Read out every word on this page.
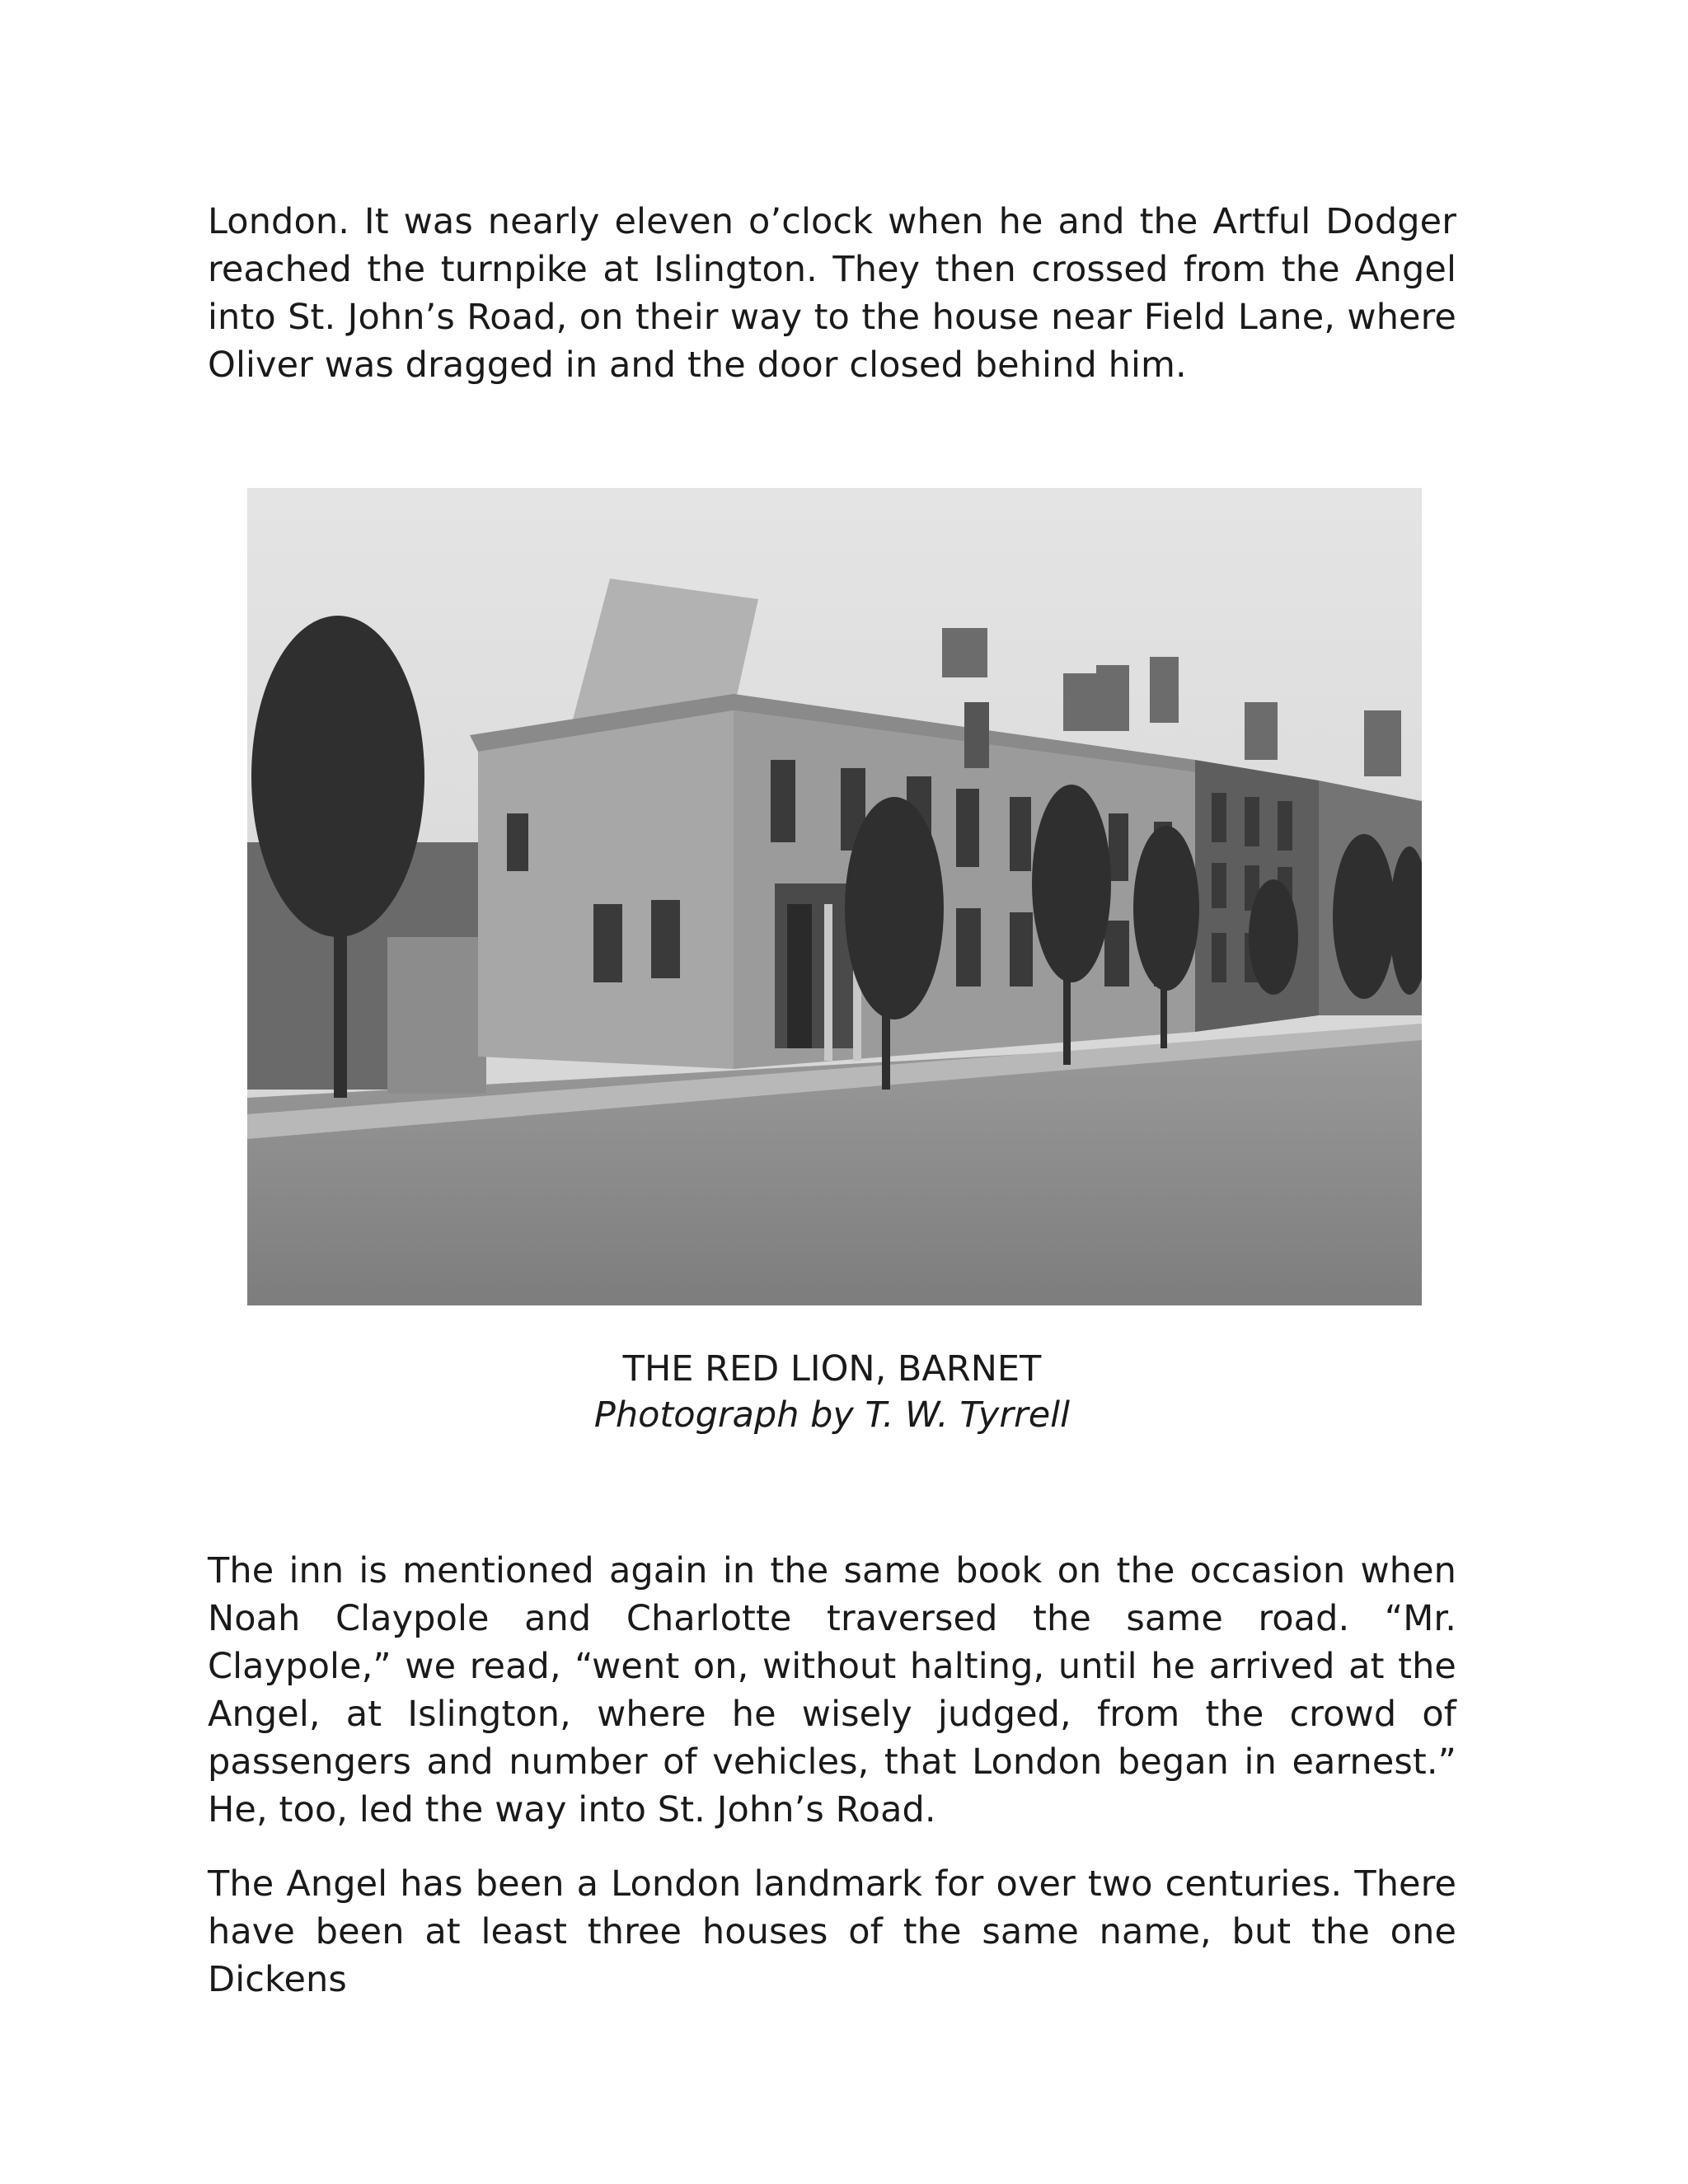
London. It was nearly eleven o’clock when he and the Artful Dodger reached the turnpike at Islington. They then crossed from the Angel into St. John’s Road, on their way to the house near Field Lane, where Oliver was dragged in and the door closed behind him.

THE RED LION, BARNET

Photograph by T. W. Tyrrell

The inn is mentioned again in the same book on the occasion when Noah Claypole and Charlotte traversed the same road. “Mr. Claypole,” we read, “went on, without halting, until he arrived at the Angel, at Islington, where he wisely judged, from the crowd of passengers and number of vehicles, that London began in earnest.” He, too, led the way into St. John’s Road.

The Angel has been a London landmark for over two centuries. There have been at least three houses of the same name, but the one Dickens
